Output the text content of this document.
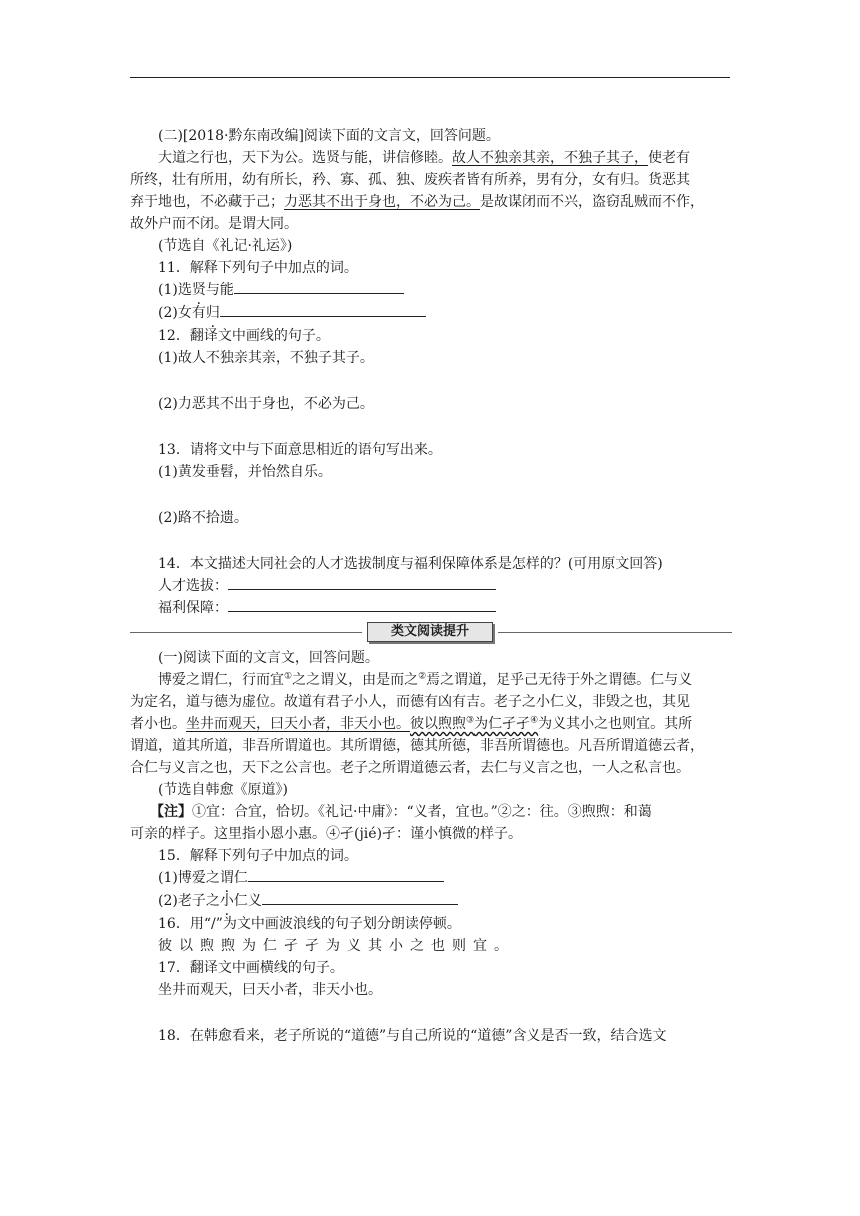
(二)[2018·黔东南改编]阅读下面的文言文，回答问题。
大道之行也，天下为公。选贤与能，讲信修睦。故人不独亲其亲，不独子其子，使老有
所终，壮有所用，幼有所长，矜、寡、孤、独、废疾者皆有所养，男有分，女有归。货恶其
弃于地也，不必藏于己；力恶其不出于身也，不必为己。是故谋闭而不兴，盗窃乱贼而不作，
故外户而不闭。是谓大同。
(节选自《礼记·礼运》)
11．解释下列句子中加点的词。
(1)选贤与能
(2)女有归
12．翻译文中画线的句子。
(1)故人不独亲其亲，不独子其子。
(2)力恶其不出于身也，不必为己。
13．请将文中与下面意思相近的语句写出来。
(1)黄发垂髫，并怡然自乐。
(2)路不拾遗。
14．本文描述大同社会的人才选拔制度与福利保障体系是怎样的？(可用原文回答)
人才选拔：
福利保障：
类文阅读提升
(一)阅读下面的文言文，回答问题。
博爱之谓仁，行而宜①之之谓义，由是而之②焉之谓道，足乎己无待于外之谓德。仁与义
为定名，道与德为虚位。故道有君子小人，而德有凶有吉。老子之小仁义，非毁之也，其见
者小也。坐井而观天，曰天小者，非天小也。彼以煦煦③为仁孑孑④为义其小之也则宜。其所
谓道，道其所道，非吾所谓道也。其所谓德，德其所德，非吾所谓德也。凡吾所谓道德云者，
合仁与义言之也，天下之公言也。老子之所谓道德云者，去仁与义言之也，一人之私言也。
(节选自韩愈《原道》)
【注】①宜：合宜，恰切。《礼记·中庸》：“义者，宜也。”②之：往。③煦煦：和蔼
可亲的样子。这里指小恩小惠。④孑(jié)孑：谨小慎微的样子。
15．解释下列句子中加点的词。
(1)博爱之谓仁
(2)老子之小仁义
16．用“/”为文中画波浪线的句子划分朗读停顿。
彼以煦煦为仁孑孑为义其小之也则宜。
17．翻译文中画横线的句子。
坐井而观天，曰天小者，非天小也。
18．在韩愈看来，老子所说的“道德”与自己所说的“道德”含义是否一致，结合选文
